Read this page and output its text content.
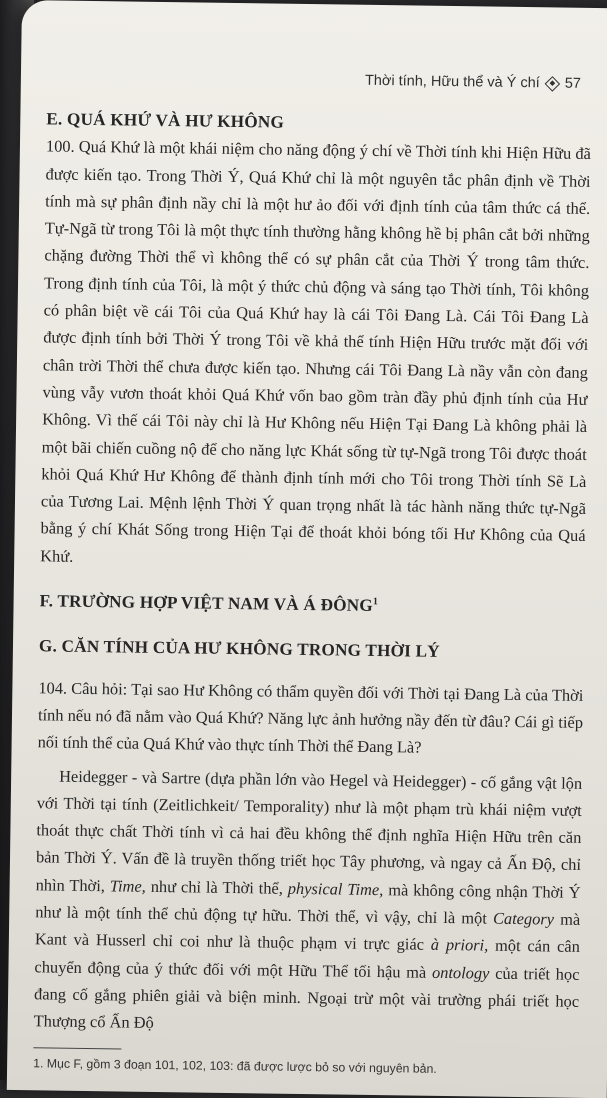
Thời tính, Hữu thể và Ý chí 57
E. QUÁ KHỨ VÀ HƯ KHÔNG

100. Quá Khứ là một khái niệm cho năng động ý chí về Thời tính khi Hiện Hữu đã được kiến tạo. Trong Thời Ý, Quá Khứ chỉ là một nguyên tắc phân định về Thời tính mà sự phân định nầy chỉ là một hư ảo đối với định tính của tâm thức cá thể. Tự-Ngã từ trong Tôi là một thực tính thường hằng không hề bị phân cắt bởi những chặng đường Thời thể vì không thể có sự phân cắt của Thời Ý trong tâm thức. Trong định tính của Tôi, là một ý thức chủ động và sáng tạo Thời tính, Tôi không có phân biệt về cái Tôi của Quá Khứ hay là cái Tôi Đang Là. Cái Tôi Đang Là được định tính bởi Thời Ý trong Tôi về khả thể tính Hiện Hữu trước mặt đối với chân trời Thời thể chưa được kiến tạo. Nhưng cái Tôi Đang Là nầy vẫn còn đang vùng vẫy vươn thoát khỏi Quá Khứ vốn bao gồm tràn đầy phủ định tính của Hư Không. Vì thế cái Tôi này chỉ là Hư Không nếu Hiện Tại Đang Là không phải là một bãi chiến cuồng nộ để cho năng lực Khát sống từ tự-Ngã trong Tôi được thoát khỏi Quá Khứ Hư Không để thành định tính mới cho Tôi trong Thời tính Sẽ Là của Tương Lai. Mệnh lệnh Thời Ý quan trọng nhất là tác hành năng thức tự-Ngã bằng ý chí Khát Sống trong Hiện Tại để thoát khỏi bóng tối Hư Không của Quá Khứ.

F. TRƯỜNG HỢP VIỆT NAM VÀ Á ĐÔNG$^1$
G. CĂN TÍNH CỦA HƯ KHÔNG TRONG THỜI LÝ

104. Câu hỏi: Tại sao Hư Không có thẩm quyền đối với Thời tại Đang Là của Thời tính nếu nó đã nằm vào Quá Khứ? Năng lực ảnh hưởng nầy đến từ đâu? Cái gì tiếp nối tính thể của Quá Khứ vào thực tính Thời thể Đang Là?

Heidegger - và Sartre (dựa phần lớn vào Hegel và Heidegger) - cố gắng vật lộn với Thời tại tính (Zeitlichkeit/ Temporality) như là một phạm trù khái niệm vượt thoát thực chất Thời tính vì cả hai đều không thể định nghĩa Hiện Hữu trên căn bản Thời Ý. Vấn đề là truyền thống triết học Tây phương, và ngay cả Ấn Độ, chỉ nhìn Thời, Time, như chỉ là Thời thể, physical Time, mà không công nhận Thời Ý như là một tính thể chủ động tự hữu. Thời thể, vì vậy, chỉ là một Category mà Kant và Husserl chỉ coi như là thuộc phạm vi trực giác à priori, một cán cân chuyển động của ý thức đối với một Hữu Thể tối hậu mà ontology của triết học đang cố gắng phiên giải và biện minh. Ngoại trừ một vài trường phái triết học Thượng cổ Ấn Độ

1. Mục F, gồm 3 đoạn 101, 102, 103: đã được lược bỏ so với nguyên bản.
